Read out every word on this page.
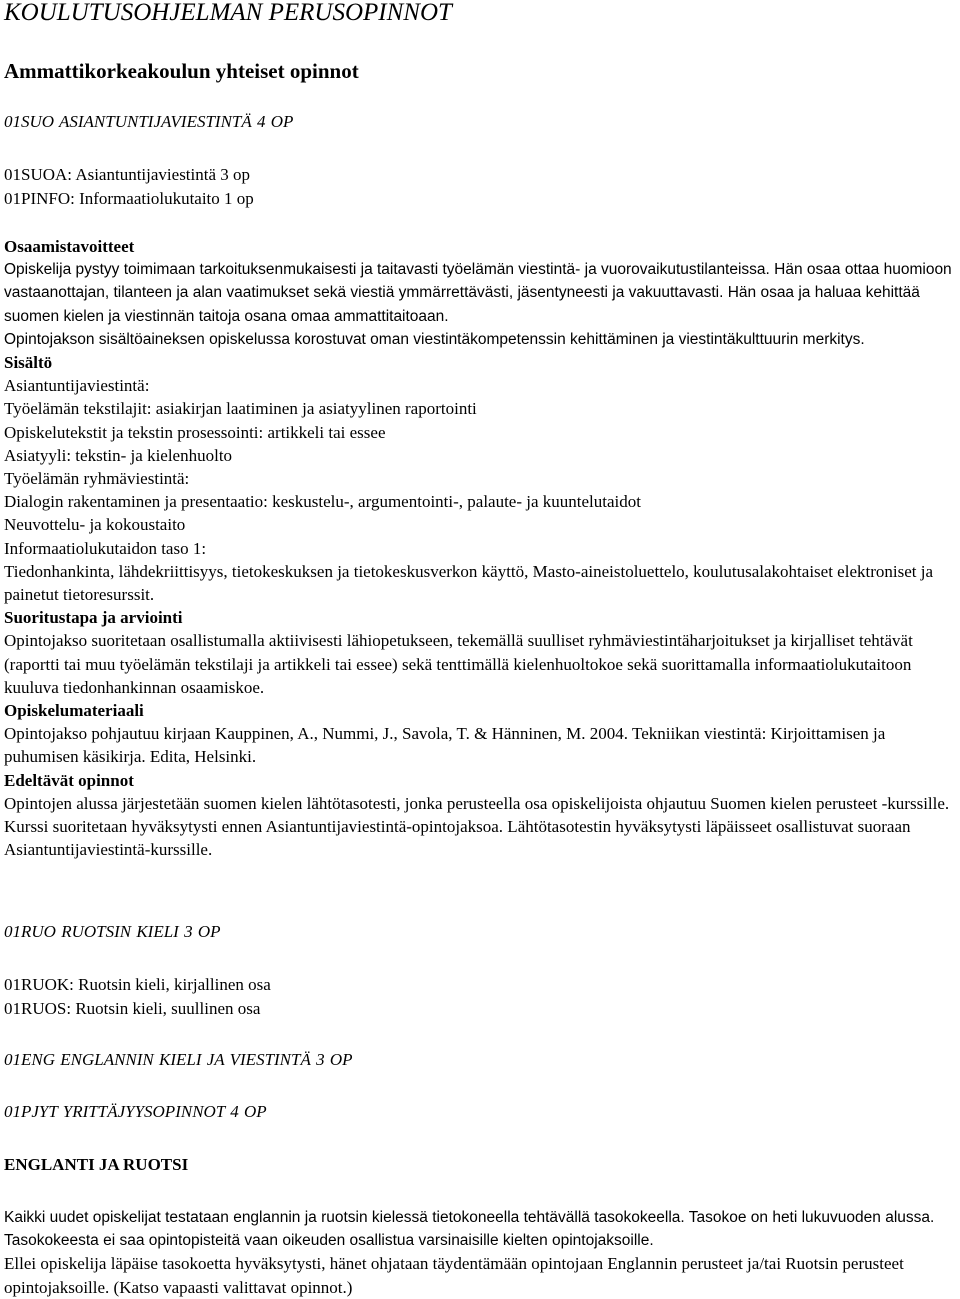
KOULUTUSOHJELMAN PERUSOPINNOT
Ammattikorkeakoulun yhteiset opinnot

01SUO ASIANTUNTIJAVIESTINTÄ 4 OP

01SUOA: Asiantuntijaviestintä 3 op

01PINFO: Informaatiolukutaito 1 op

Osaamistavoitteet
Opiskelija pystyy toimimaan tarkoituksenmukaisesti ja taitavasti työelämän viestintä- ja vuorovaikutustilanteissa. Hän osaa ottaa huomioon vastaanottajan, tilanteen ja alan vaatimukset sekä viestiä ymmärrettävästi, jäsentyneesti ja vakuuttavasti. Hän osaa ja haluaa kehittää suomen kielen ja viestinnän taitoja osana omaa ammattitaitoaan.
Opintojakson sisältöaineksen opiskelussa korostuvat oman viestintäkompetenssin kehittäminen ja viestintäkulttuurin merkitys.
Sisältö
Asiantuntijaviestintä:
Työelämän tekstilajit: asiakirjan laatiminen ja asiatyylinen raportointi
Opiskelutekstit ja tekstin prosessointi: artikkeli tai essee
Asiatyyli: tekstin- ja kielenhuolto
Työelämän ryhmäviestintä:
Dialogin rakentaminen ja presentaatio: keskustelu-, argumentointi-, palaute- ja kuuntelutaidot
Neuvottelu- ja kokoustaito
Informaatiolukutaidon taso 1:
Tiedonhankinta, lähdekriittisyys, tietokeskuksen ja tietokeskusverkon käyttö, Masto-aineistoluettelo, koulutusalakohtaiset elektroniset ja painetut tietoresurssit.
Suoritustapa ja arviointi
Opintojakso suoritetaan osallistumalla aktiivisesti lähiopetukseen, tekemällä suulliset ryhmäviestintäharjoitukset ja kirjalliset tehtävät (raportti tai muu työelämän tekstilaji ja artikkeli tai essee) sekä tenttimällä kielenhuoltokoe sekä suorittamalla informaatiolukutaitoon kuuluva tiedonhankinnan osaamiskoe.
Opiskelumateriaali
Opintojakso pohjautuu kirjaan Kauppinen, A., Nummi, J., Savola, T. & Hänninen, M. 2004. Tekniikan viestintä: Kirjoittamisen ja puhumisen käsikirja. Edita, Helsinki.
Edeltävät opinnot
Opintojen alussa järjestetään suomen kielen lähtötasotesti, jonka perusteella osa opiskelijoista ohjautuu Suomen kielen perusteet -kurssille. Kurssi suoritetaan hyväksytysti ennen Asiantuntijaviestintä-opintojaksoa. Lähtötasotestin hyväksytysti läpäisseet osallistuvat suoraan Asiantuntijaviestintä-kurssille.

01RUO RUOTSIN KIELI 3 OP

01RUOK: Ruotsin kieli, kirjallinen osa

01RUOS: Ruotsin kieli, suullinen osa

01ENG ENGLANNIN KIELI JA VIESTINTÄ 3 OP

01PJYT YRITTÄJYYSOPINNOT 4 OP

ENGLANTI JA RUOTSI

Kaikki uudet opiskelijat testataan englannin ja ruotsin kielessä tietokoneella tehtävällä tasokokeella. Tasokoe on heti lukuvuoden alussa. Tasokokeesta ei saa opintopisteitä vaan oikeuden osallistua varsinaisille kielten opintojaksoille.
Ellei opiskelija läpäise tasokoetta hyväksytysti, hänet ohjataan täydentämään opintojaan Englannin perusteet ja/tai Ruotsin perusteet opintojaksoille. (Katso vapaasti valittavat opinnot.)
